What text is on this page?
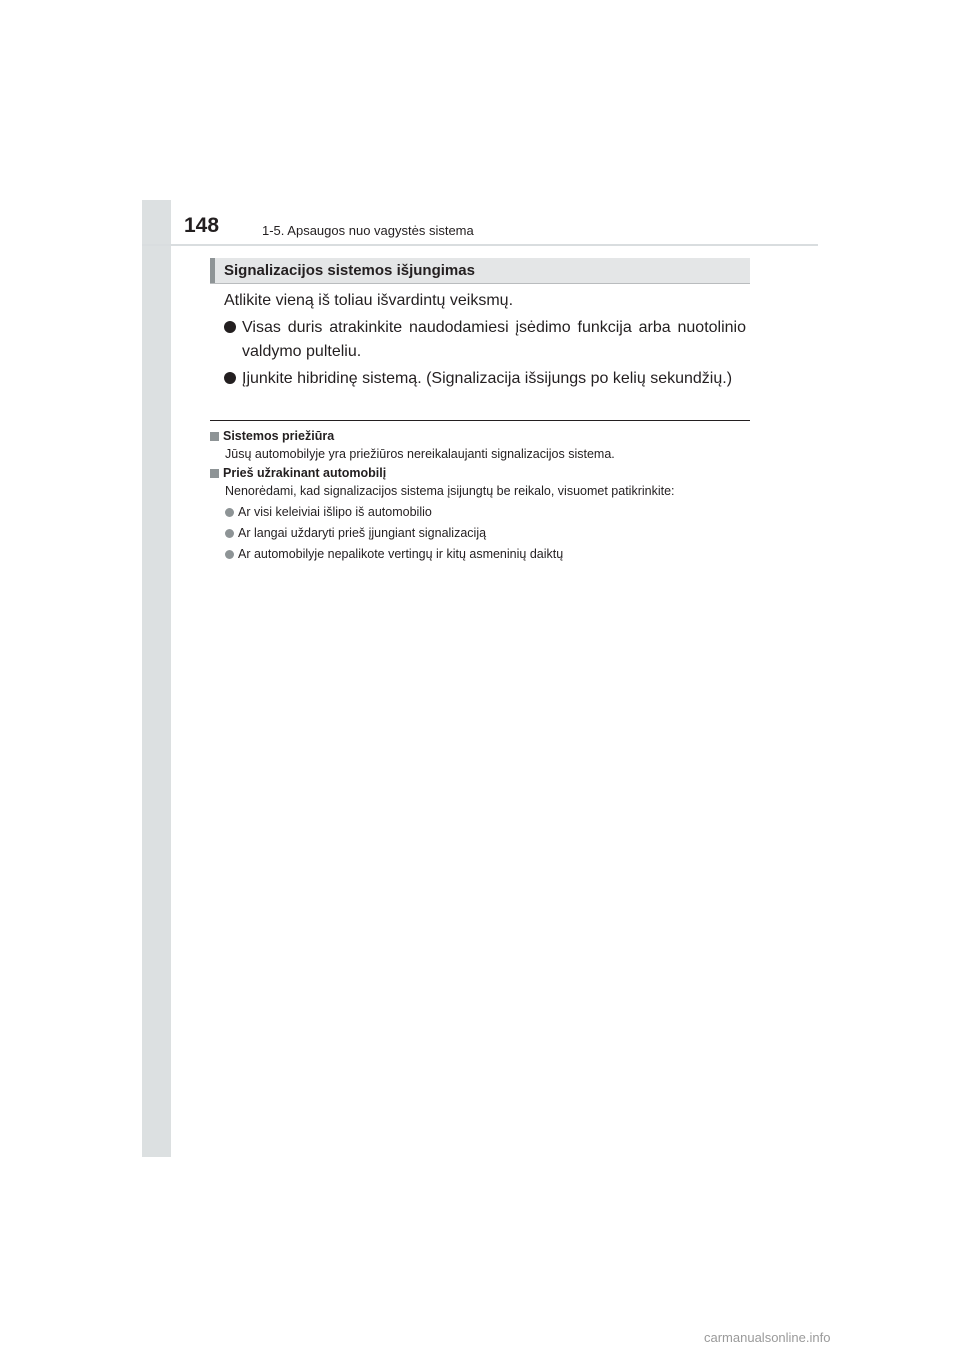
148	1-5. Apsaugos nuo vagystės sistema
Signalizacijos sistemos išjungimas

Atlikite vieną iš toliau išvardintų veiksmų.

Visas duris atrakinkite naudodamiesi įsėdimo funkcija arba nuotolinio valdymo pulteliu.
Įjunkite hibridinę sistemą. (Signalizacija išsijungs po kelių sekundžių.)
Sistemos priežiūra
Jūsų automobilyje yra priežiūros nereikalaujanti signalizacijos sistema.
Prieš užrakinant automobilį
Nenorėdami, kad signalizacijos sistema įsijungtų be reikalo, visuomet patikrinkite:
Ar visi keleiviai išlipo iš automobilio
Ar langai uždaryti prieš įjungiant signalizaciją
Ar automobilyje nepalikote vertingų ir kitų asmeninių daiktų
carmanualsonline.info
